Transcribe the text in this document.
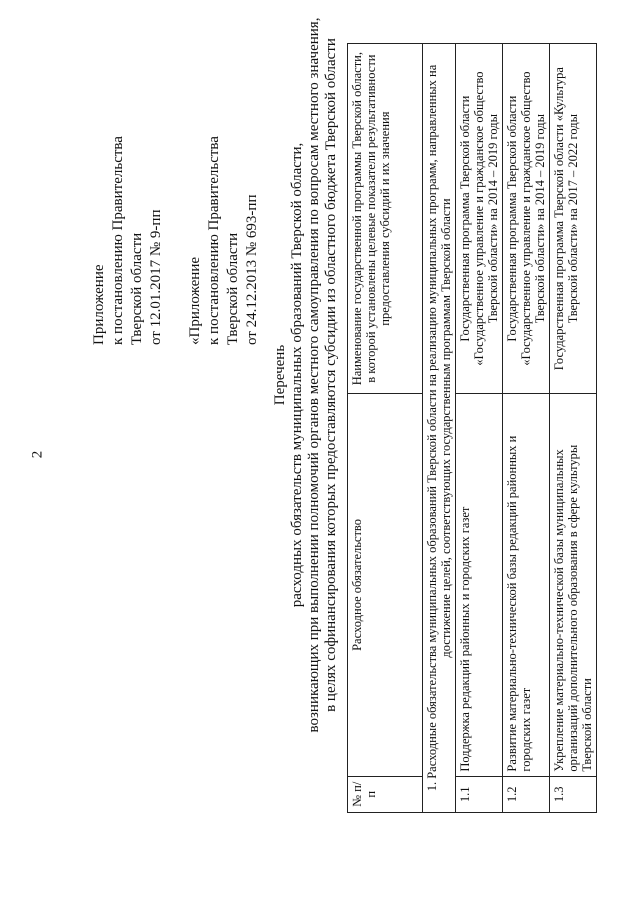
2
Приложение к постановлению Правительства Тверской области от 12.01.2017 № 9-пп «Приложение к постановлению Правительства Тверской области от 24.12.2013 № 693-пп
Перечень расходных обязательств муниципальных образований Тверской области, возникающих при выполнении полномочий органов местного самоуправления по вопросам местного значения, в целях софинансирования которых предоставляются субсидии из областного бюджета Тверской области
№ п/п	Расходное обязательство	Наименование государственной программы Тверской области, в которой установлены целевые показатели результативности предоставления субсидий и их значения
1. Расходные обязательства муниципальных образований Тверской области на реализацию муниципальных программ, направленных на достижение целей, соответствующих государственным программам Тверской области		
1.1	Поддержка редакций районных и городских газет	Государственная программа Тверской области «Государственное управление и гражданское общество Тверской области» на 2014 – 2019 годы
1.2	Развитие материально-технической базы редакций районных и городских газет	Государственная программа Тверской области «Государственное управление и гражданское общество Тверской области» на 2014 – 2019 годы
1.3	Укрепление материально-технической базы муниципальных организаций дополнительного образования в сфере культуры Тверской области	Государственная программа Тверской области «Культура Тверской области» на 2017 – 2022 годы
